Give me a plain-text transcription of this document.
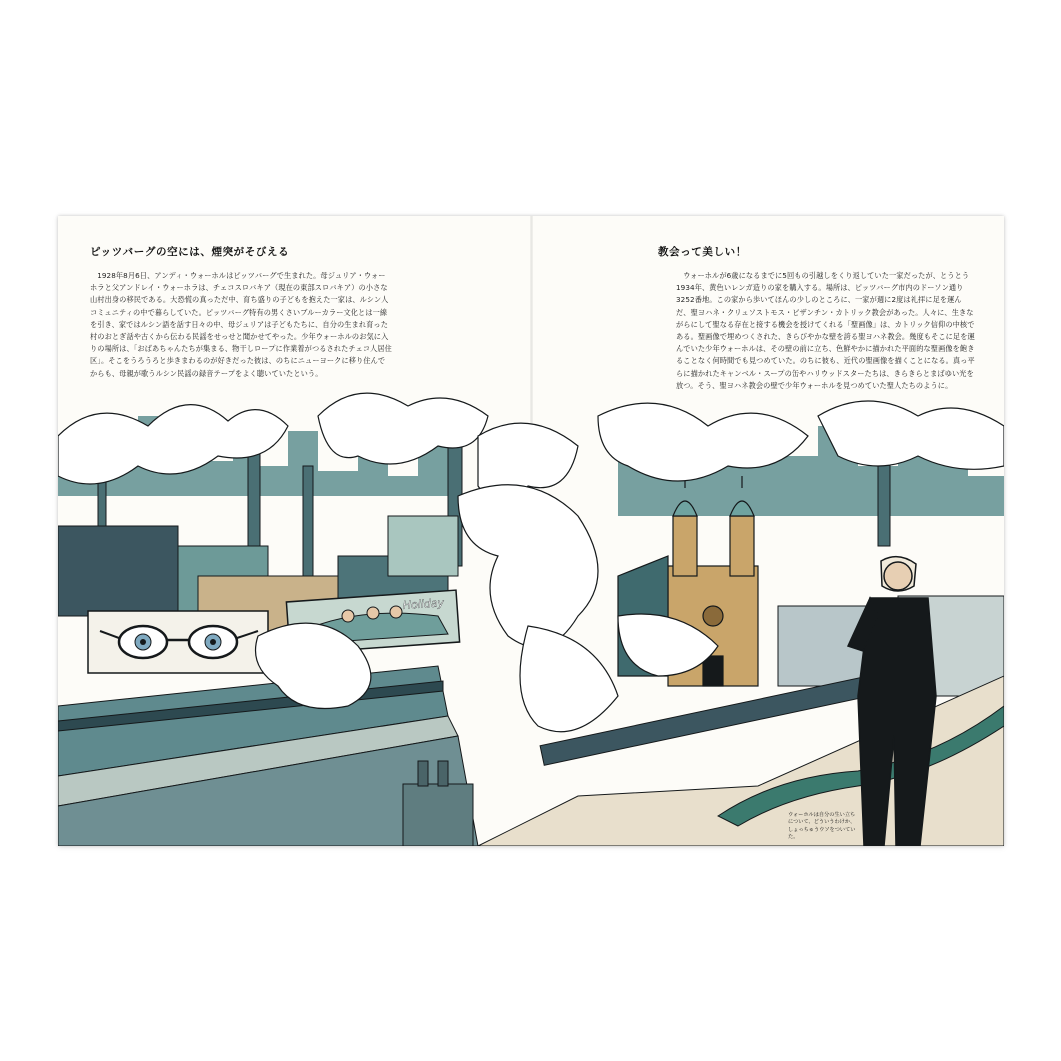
ピッツバーグの空には、煙突がそびえる

1928年8月6日、アンディ・ウォーホルはピッツバーグで生まれた。母ジュリア・ウォーホラと父アンドレイ・ウォーホラは、チェコスロバキア（現在の東部スロバキア）の小さな山村出身の移民である。大恐慌の真っただ中、育ち盛りの子どもを抱えた一家は、ルシン人コミュニティの中で暮らしていた。ピッツバーグ特有の男くさいブルーカラー文化とは一線を引き、家ではルシン語を話す日々の中、母ジュリアは子どもたちに、自分の生まれ育った村のおとぎ話や古くから伝わる民謡をせっせと聞かせてやった。少年ウォーホルのお気に入りの場所は、「おばあちゃんたちが集まる、物干しロープに作業着がつるされたチェコ人居住区」。そこをうろうろと歩きまわるのが好きだった彼は、のちにニューヨークに移り住んでからも、母親が歌うルシン民謡の録音テープをよく聴いていたという。

教会って美しい！

ウォーホルが6歳になるまでに5回もの引越しをくり返していた一家だったが、とうとう1934年、黄色いレンガ造りの家を購入する。場所は、ピッツバーグ市内のドーソン通り3252番地。この家から歩いてほんの少しのところに、一家が週に2度は礼拝に足を運んだ、聖ヨハネ・クリュソストモス・ビザンチン・カトリック教会があった。人々に、生きながらにして聖なる存在と接する機会を授けてくれる「聖画像」は、カトリック信仰の中核である。聖画像で埋めつくされた、きらびやかな壁を誇る聖ヨハネ教会。幾度もそこに足を運んでいた少年ウォーホルは、その壁の前に立ち、色鮮やかに描かれた平面的な聖画像を飽きることなく何時間でも見つめていた。のちに彼も、近代の聖画像を描くことになる。真っ平らに描かれたキャンベル・スープの缶やハリウッドスターたちは、きらきらとまばゆい光を放つ。そう、聖ヨハネ教会の壁で少年ウォーホルを見つめていた聖人たちのように。

Holiday

ウォーホルは自分の生い立ちについて、どういうわけか、しょっちゅうウソをついていた。
